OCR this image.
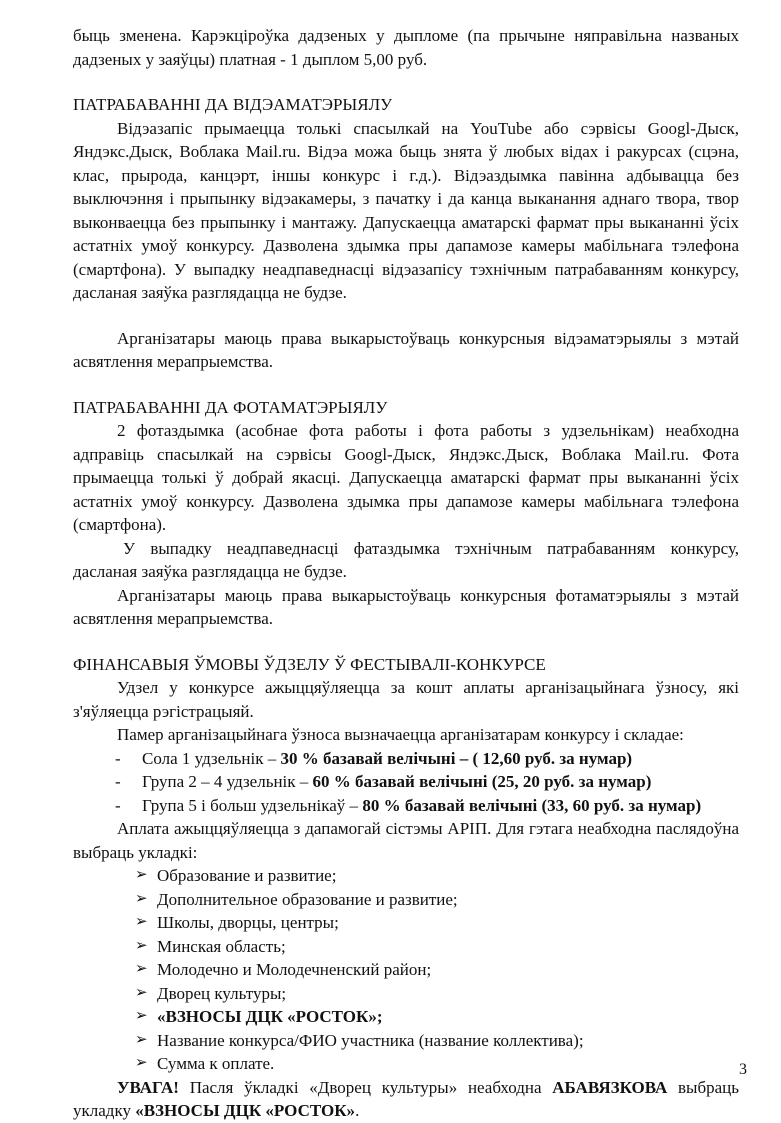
быць зменена. Карэкціроўка дадзеных у дыпломе (па прычыне няправільна названых дадзеных у заяўцы) платная - 1 дыплом 5,00 руб.

ПАТРАБАВАННІ ДА ВІДЭАМАТЭРЫЯЛУ

Відэазапіс прымаецца толькі спасылкай на YouTube або сэрвісы Googl-Дыск, Яндэкс.Дыск, Воблака Mail.ru. Відэа можа быць знята ў любых відах і ракурсах (сцэна, клас, прырода, канцэрт, іншы конкурс і г.д.). Відэаздымка павінна адбывацца без выключэння і прыпынку відэакамеры, з пачатку і да канца выканання аднаго твора, твор выконваецца без прыпынку і мантажу. Дапускаецца аматарскі фармат пры выкананні ўсіх астатніх умоў конкурсу. Дазволена здымка пры дапамозе камеры мабільнага тэлефона (смартфона). У выпадку неадпаведнасці відэазапісу тэхнічным патрабаванням конкурсу, дасланая заяўка разглядацца не будзе.

Арганізатары маюць права выкарыстоўваць конкурсныя відэаматэрыялы з мэтай асвятлення мерапрыемства.

ПАТРАБАВАННІ ДА ФОТАМАТЭРЫЯЛУ

2 фотаздымка (асобнае фота работы і фота работы з удзельнікам) неабходна адправіць спасылкай на сэрвісы Googl-Дыск, Яндэкс.Дыск, Воблака Mail.ru. Фота прымаецца толькі ў добрай якасці. Дапускаецца аматарскі фармат пры выкананні ўсіх астатніх умоў конкурсу. Дазволена здымка пры дапамозе камеры мабільнага тэлефона (смартфона).

У выпадку неадпаведнасці фатаздымка тэхнічным патрабаванням конкурсу, дасланая заяўка разглядацца не будзе.

Арганізатары маюць права выкарыстоўваць конкурсныя фотаматэрыялы з мэтай асвятлення мерапрыемства.

ФІНАНСАВЫЯ ЎМОВЫ ЎДЗЕЛУ Ў ФЕСТЫВАЛІ-КОНКУРСЕ

Удзел у конкурсе ажыццяўляецца за кошт аплаты арганізацыйнага ўзносу, які з'яўляецца рэгістрацыяй.

Памер арганізацыйнага ўзноса вызначаецца арганізатарам конкурсу і складае:

- Сола 1 удзельнік – 30 % базавай велічыні – ( 12,60 руб. за нумар)
- Група 2 – 4 удзельнік – 60 % базавай велічыні (25, 20 руб. за нумар)
- Група 5 і больш удзельнікаў – 80 % базавай велічыні (33, 60 руб. за нумар)

Аплата ажыццяўляецца з дапамогай сістэмы АРІП. Для гэтага неабходна паслядоўна выбраць укладкі:

➢ Образование и развитие;
➢ Дополнительное образование и развитие;
➢ Школы, дворцы, центры;
➢ Минская область;
➢ Молодечно и Молодечненский район;
➢ Дворец культуры;
➢ «ВЗНОСЫ ДЦК «РОСТОК»;
➢ Название конкурса/ФИО участника (название коллектива);
➢ Сумма к оплате.

УВАГА! Пасля ўкладкі «Дворец культуры» неабходна АБАВЯЗКОВА выбраць укладку «ВЗНОСЫ ДЦК «РОСТОК».

3
